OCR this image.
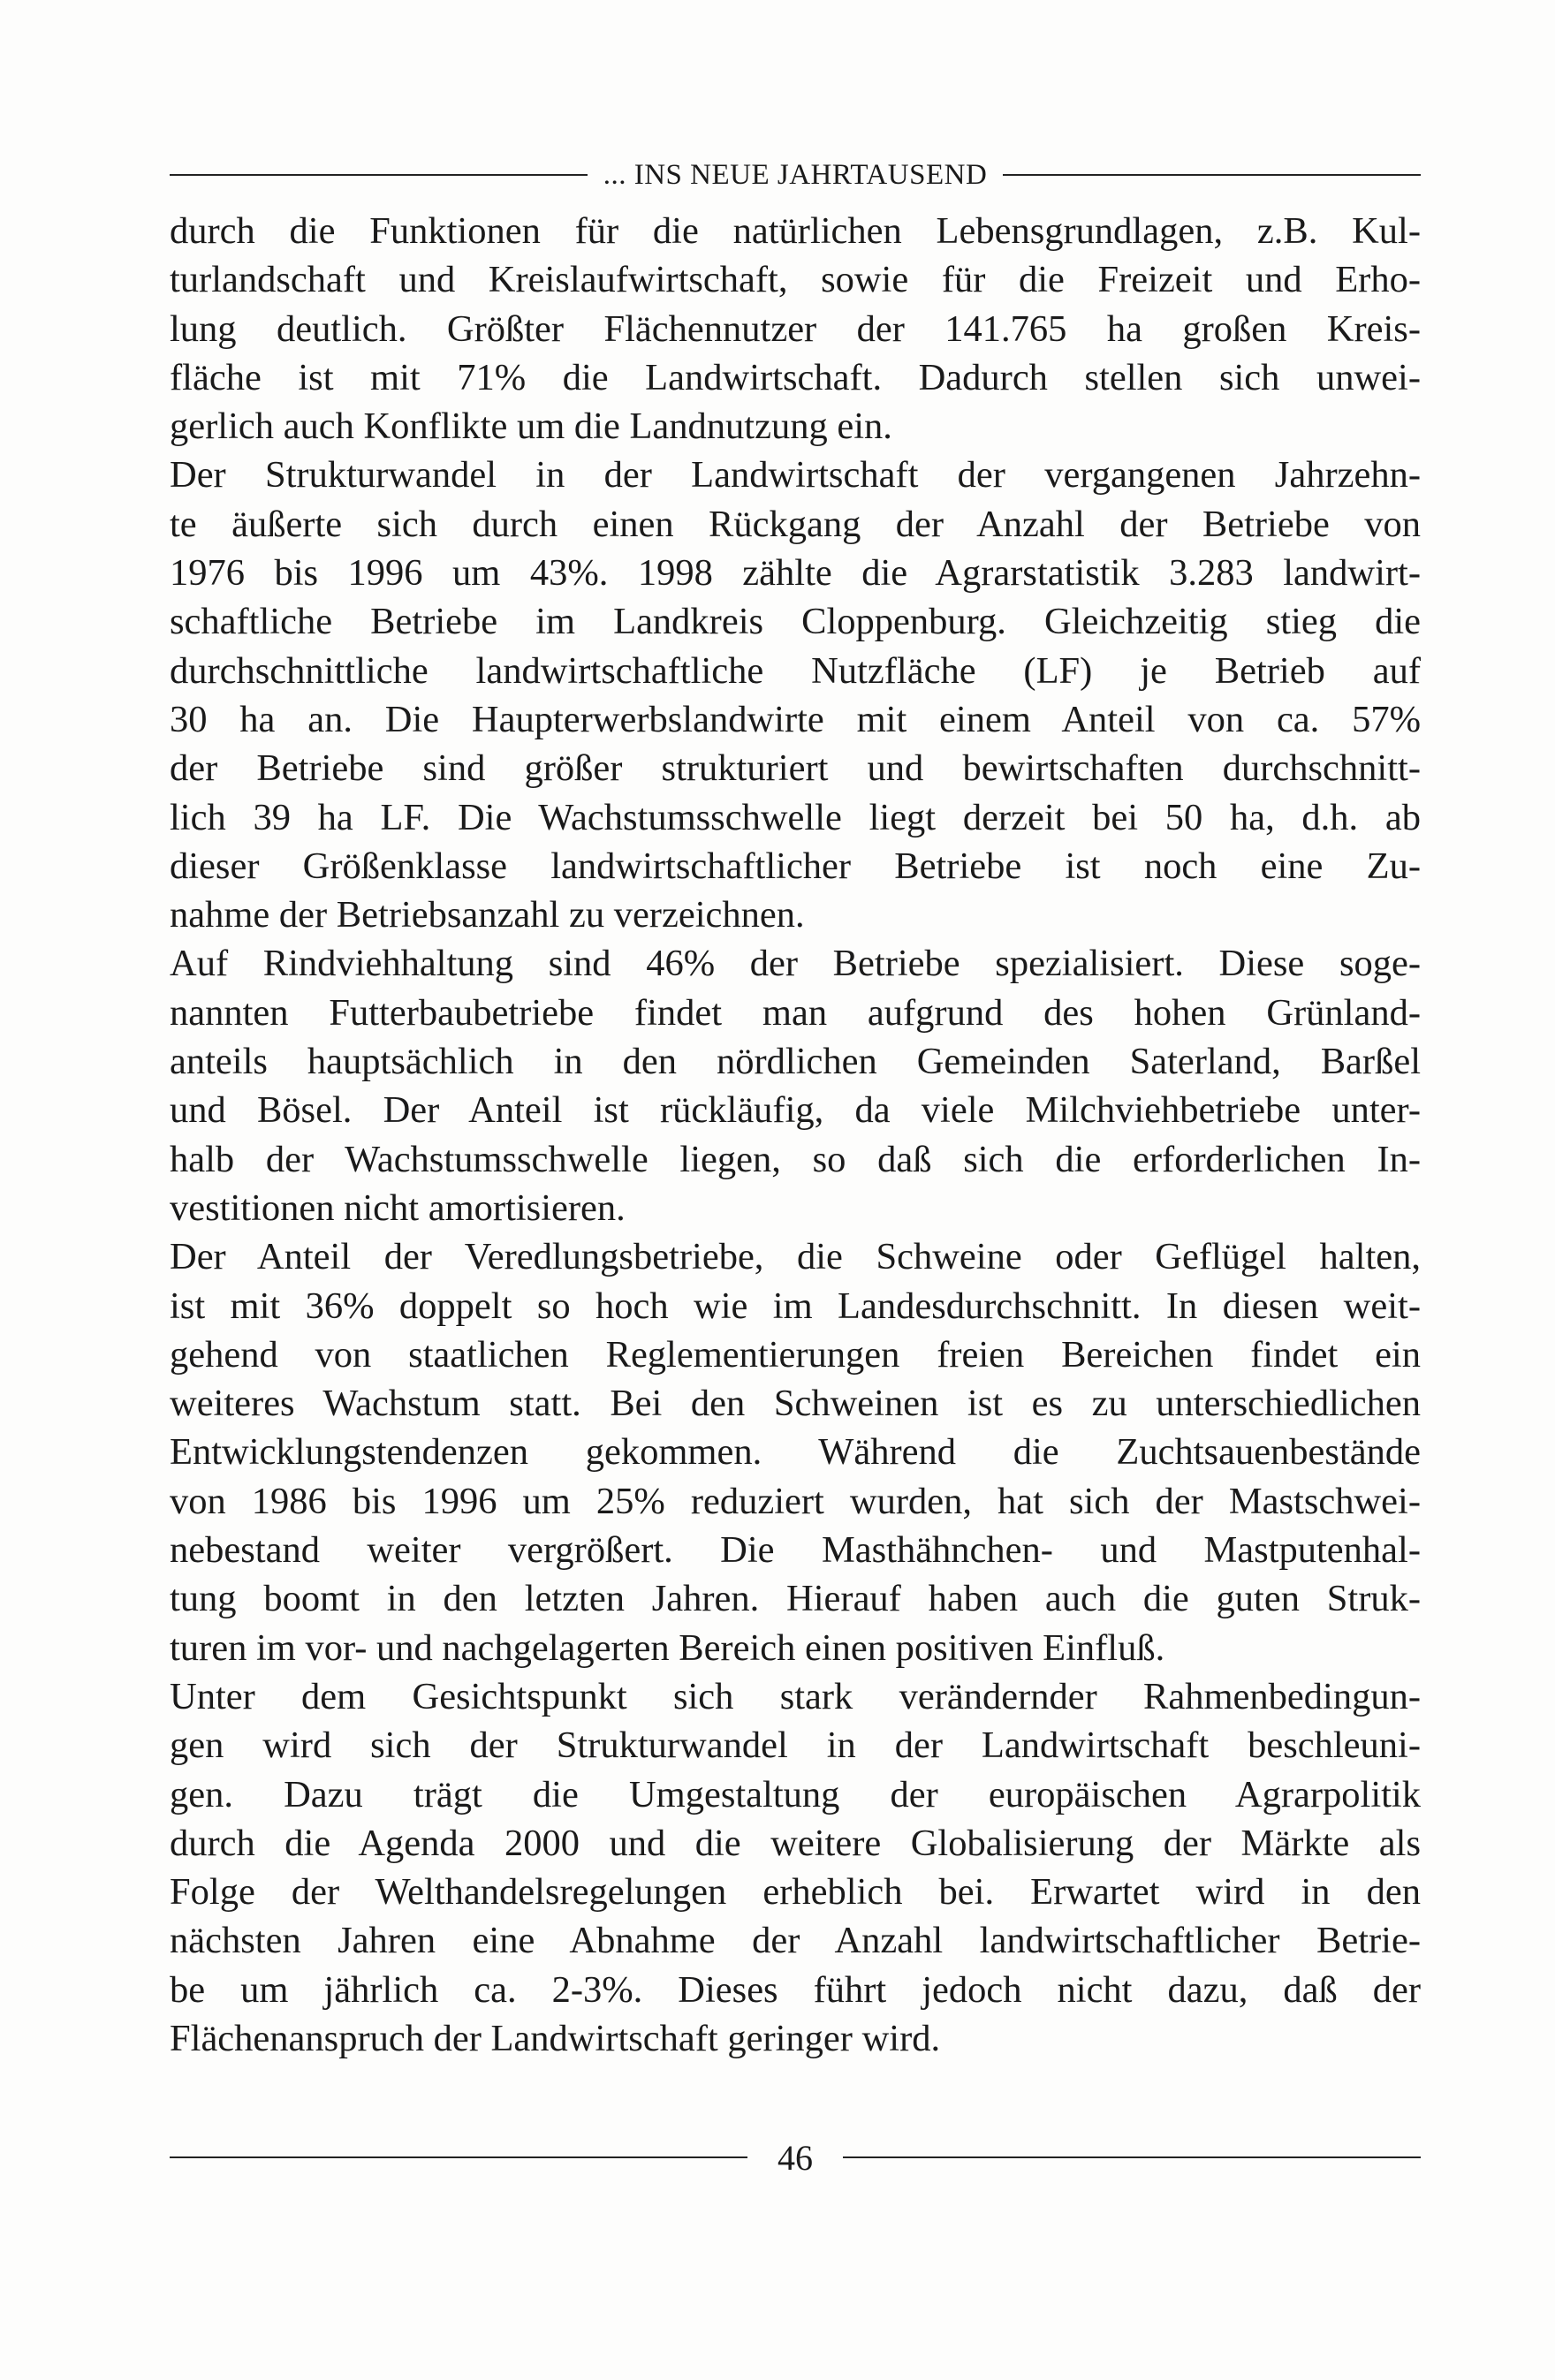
... INS NEUE JAHRTAUSEND
durch die Funktionen für die natürlichen Lebensgrundlagen, z.B. Kul-
turlandschaft und Kreislaufwirtschaft, sowie für die Freizeit und Erho-
lung deutlich. Größter Flächennutzer der 141.765 ha großen Kreis-
fläche ist mit 71% die Landwirtschaft. Dadurch stellen sich unwei-
gerlich auch Konflikte um die Landnutzung ein.
Der Strukturwandel in der Landwirtschaft der vergangenen Jahrzehn-
te äußerte sich durch einen Rückgang der Anzahl der Betriebe von
1976 bis 1996 um 43%. 1998 zählte die Agrarstatistik 3.283 landwirt-
schaftliche Betriebe im Landkreis Cloppenburg. Gleichzeitig stieg die
durchschnittliche landwirtschaftliche Nutzfläche (LF) je Betrieb auf
30 ha an. Die Haupterwerbslandwirte mit einem Anteil von ca. 57%
der Betriebe sind größer strukturiert und bewirtschaften durchschnitt-
lich 39 ha LF. Die Wachstumsschwelle liegt derzeit bei 50 ha, d.h. ab
dieser Größenklasse landwirtschaftlicher Betriebe ist noch eine Zu-
nahme der Betriebsanzahl zu verzeichnen.
Auf Rindviehhaltung sind 46% der Betriebe spezialisiert. Diese soge-
nannten Futterbaubetriebe findet man aufgrund des hohen Grünland-
anteils hauptsächlich in den nördlichen Gemeinden Saterland, Barßel
und Bösel. Der Anteil ist rückläufig, da viele Milchviehbetriebe unter-
halb der Wachstumsschwelle liegen, so daß sich die erforderlichen In-
vestitionen nicht amortisieren.
Der Anteil der Veredlungsbetriebe, die Schweine oder Geflügel halten,
ist mit 36% doppelt so hoch wie im Landesdurchschnitt. In diesen weit-
gehend von staatlichen Reglementierungen freien Bereichen findet ein
weiteres Wachstum statt. Bei den Schweinen ist es zu unterschiedlichen
Entwicklungstendenzen gekommen. Während die Zuchtsauenbestände
von 1986 bis 1996 um 25% reduziert wurden, hat sich der Mastschwei-
nebestand weiter vergrößert. Die Masthähnchen- und Mastputenhal-
tung boomt in den letzten Jahren. Hierauf haben auch die guten Struk-
turen im vor- und nachgelagerten Bereich einen positiven Einfluß.
Unter dem Gesichtspunkt sich stark verändernder Rahmenbedingun-
gen wird sich der Strukturwandel in der Landwirtschaft beschleuni-
gen. Dazu trägt die Umgestaltung der europäischen Agrarpolitik
durch die Agenda 2000 und die weitere Globalisierung der Märkte als
Folge der Welthandelsregelungen erheblich bei. Erwartet wird in den
nächsten Jahren eine Abnahme der Anzahl landwirtschaftlicher Betrie-
be um jährlich ca. 2-3%. Dieses führt jedoch nicht dazu, daß der
Flächenanspruch der Landwirtschaft geringer wird.
46
